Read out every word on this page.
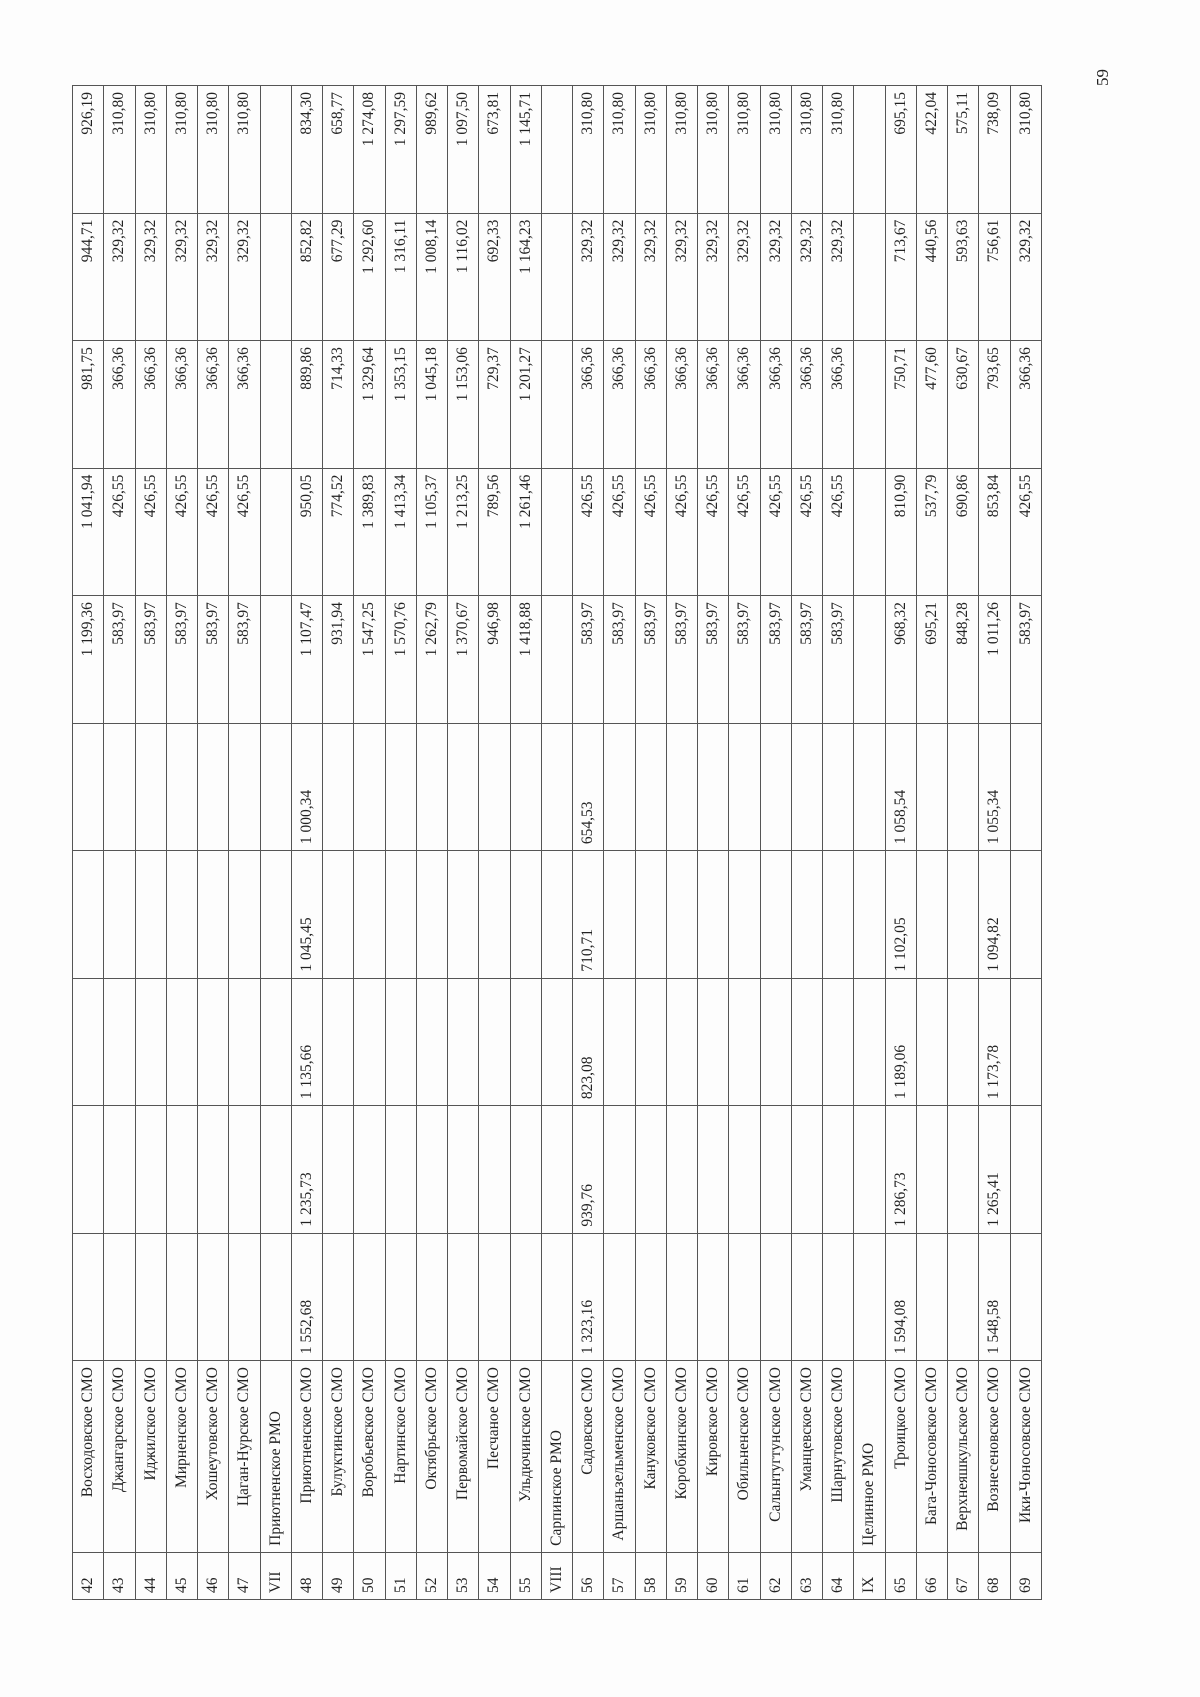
42	Восходовское СМО						1 199,36	1 041,94	981,75	944,71	926,19
43	Джангарское СМО						583,97	426,55	366,36	329,32	310,80
44	Иджилское СМО						583,97	426,55	366,36	329,32	310,80
45	Мирненское СМО						583,97	426,55	366,36	329,32	310,80
46	Хошеутовское СМО						583,97	426,55	366,36	329,32	310,80
47	Цаган-Нурское СМО						583,97	426,55	366,36	329,32	310,80
VII	Приютненское РМО										
48	Приютненское СМО	1 552,68	1 235,73	1 135,66	1 045,45	1 000,34	1 107,47	950,05	889,86	852,82	834,30
49	Булуктинское СМО						931,94	774,52	714,33	677,29	658,77
50	Воробьевское СМО						1 547,25	1 389,83	1 329,64	1 292,60	1 274,08
51	Нартинское СМО						1 570,76	1 413,34	1 353,15	1 316,11	1 297,59
52	Октябрьское СМО						1 262,79	1 105,37	1 045,18	1 008,14	989,62
53	Первомайское СМО						1 370,67	1 213,25	1 153,06	1 116,02	1 097,50
54	Песчаное СМО						946,98	789,56	729,37	692,33	673,81
55	Ульдючинское СМО						1 418,88	1 261,46	1 201,27	1 164,23	1 145,71
VIII	Сарпинское РМО										
56	Садовское СМО	1 323,16	939,76	823,08	710,71	654,53	583,97	426,55	366,36	329,32	310,80
57	Аршаньзельменское СМО						583,97	426,55	366,36	329,32	310,80
58	Кануковское СМО						583,97	426,55	366,36	329,32	310,80
59	Коробкинское СМО						583,97	426,55	366,36	329,32	310,80
60	Кировское СМО						583,97	426,55	366,36	329,32	310,80
61	Обильненское СМО						583,97	426,55	366,36	329,32	310,80
62	Салынтугтунское СМО						583,97	426,55	366,36	329,32	310,80
63	Уманцевское СМО						583,97	426,55	366,36	329,32	310,80
64	Шарнутовское СМО						583,97	426,55	366,36	329,32	310,80
IX	Целинное РМО										
65	Троицкое СМО	1 594,08	1 286,73	1 189,06	1 102,05	1 058,54	968,32	810,90	750,71	713,67	695,15
66	Бага-Чоносовское СМО						695,21	537,79	477,60	440,56	422,04
67	Верхнеяшкульское СМО						848,28	690,86	630,67	593,63	575,11
68	Вознесеновское СМО	1 548,58	1 265,41	1 173,78	1 094,82	1 055,34	1 011,26	853,84	793,65	756,61	738,09
69	Ики-Чоносовское СМО						583,97	426,55	366,36	329,32	310,80
59
